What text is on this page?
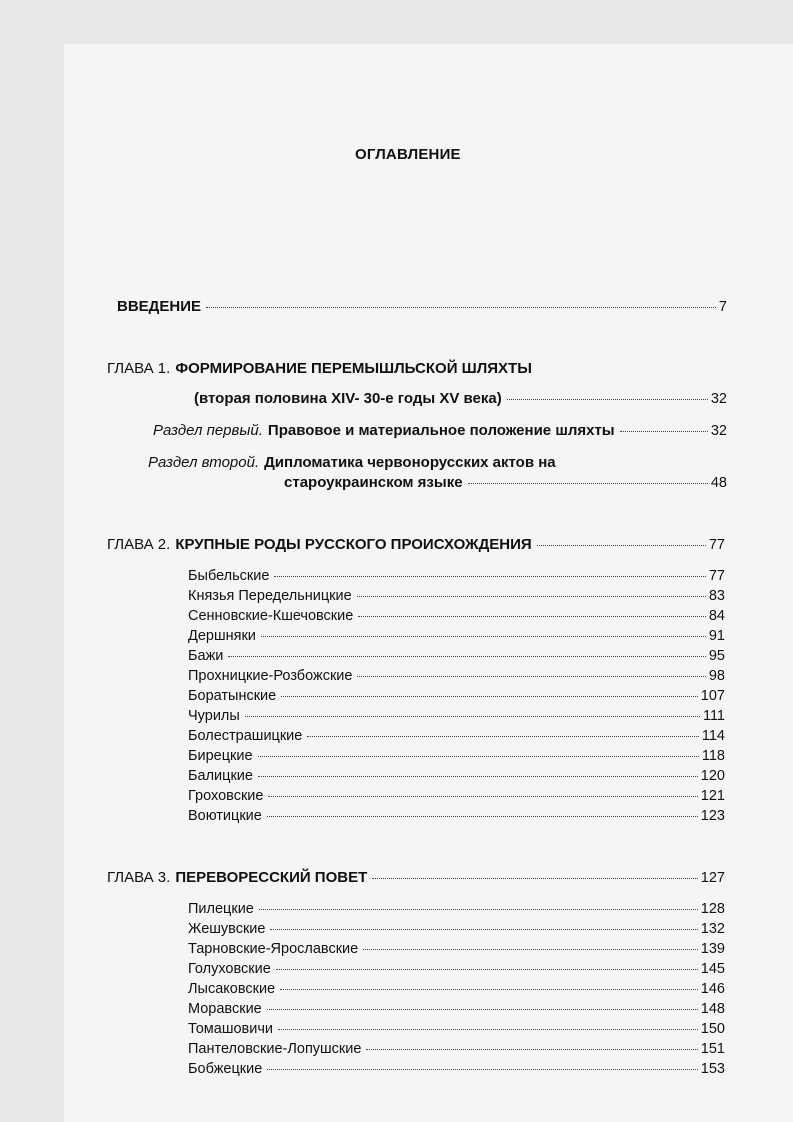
ОГЛАВЛЕНИЕ
ВВЕДЕНИЕ	7
ГЛАВА 1. ФОРМИРОВАНИЕ ПЕРЕМЫШЛЬСКОЙ ШЛЯХТЫ
(вторая половина XIV- 30-е годы XV века)	32
Раздел первый. Правовое и материальное положение шляхты	32
Раздел второй. Дипломатика червонорусских актов на
староукраинском языке	48
ГЛАВА 2. КРУПНЫЕ РОДЫ РУССКОГО ПРОИСХОЖДЕНИЯ	77
Быбельские	77
Князья Передельницкие	83
Сенновские-Кшечовские	84
Дершняки	91
Бажи	95
Прохницкие-Розбожские	98
Боратынские	107
Чурилы	111
Болестрашицкие	114
Бирецкие	118
Балицкие	120
Гроховские	121
Воютицкие	123
ГЛАВА 3. ПЕРЕВОРЕССКИЙ ПОВЕТ	127
Пилецкие	128
Жешувские	132
Тарновские-Ярославские	139
Голуховские	145
Лысаковские	146
Моравские	148
Томашовичи	150
Пантеловские-Лопушские	151
Бобжецкие	153
